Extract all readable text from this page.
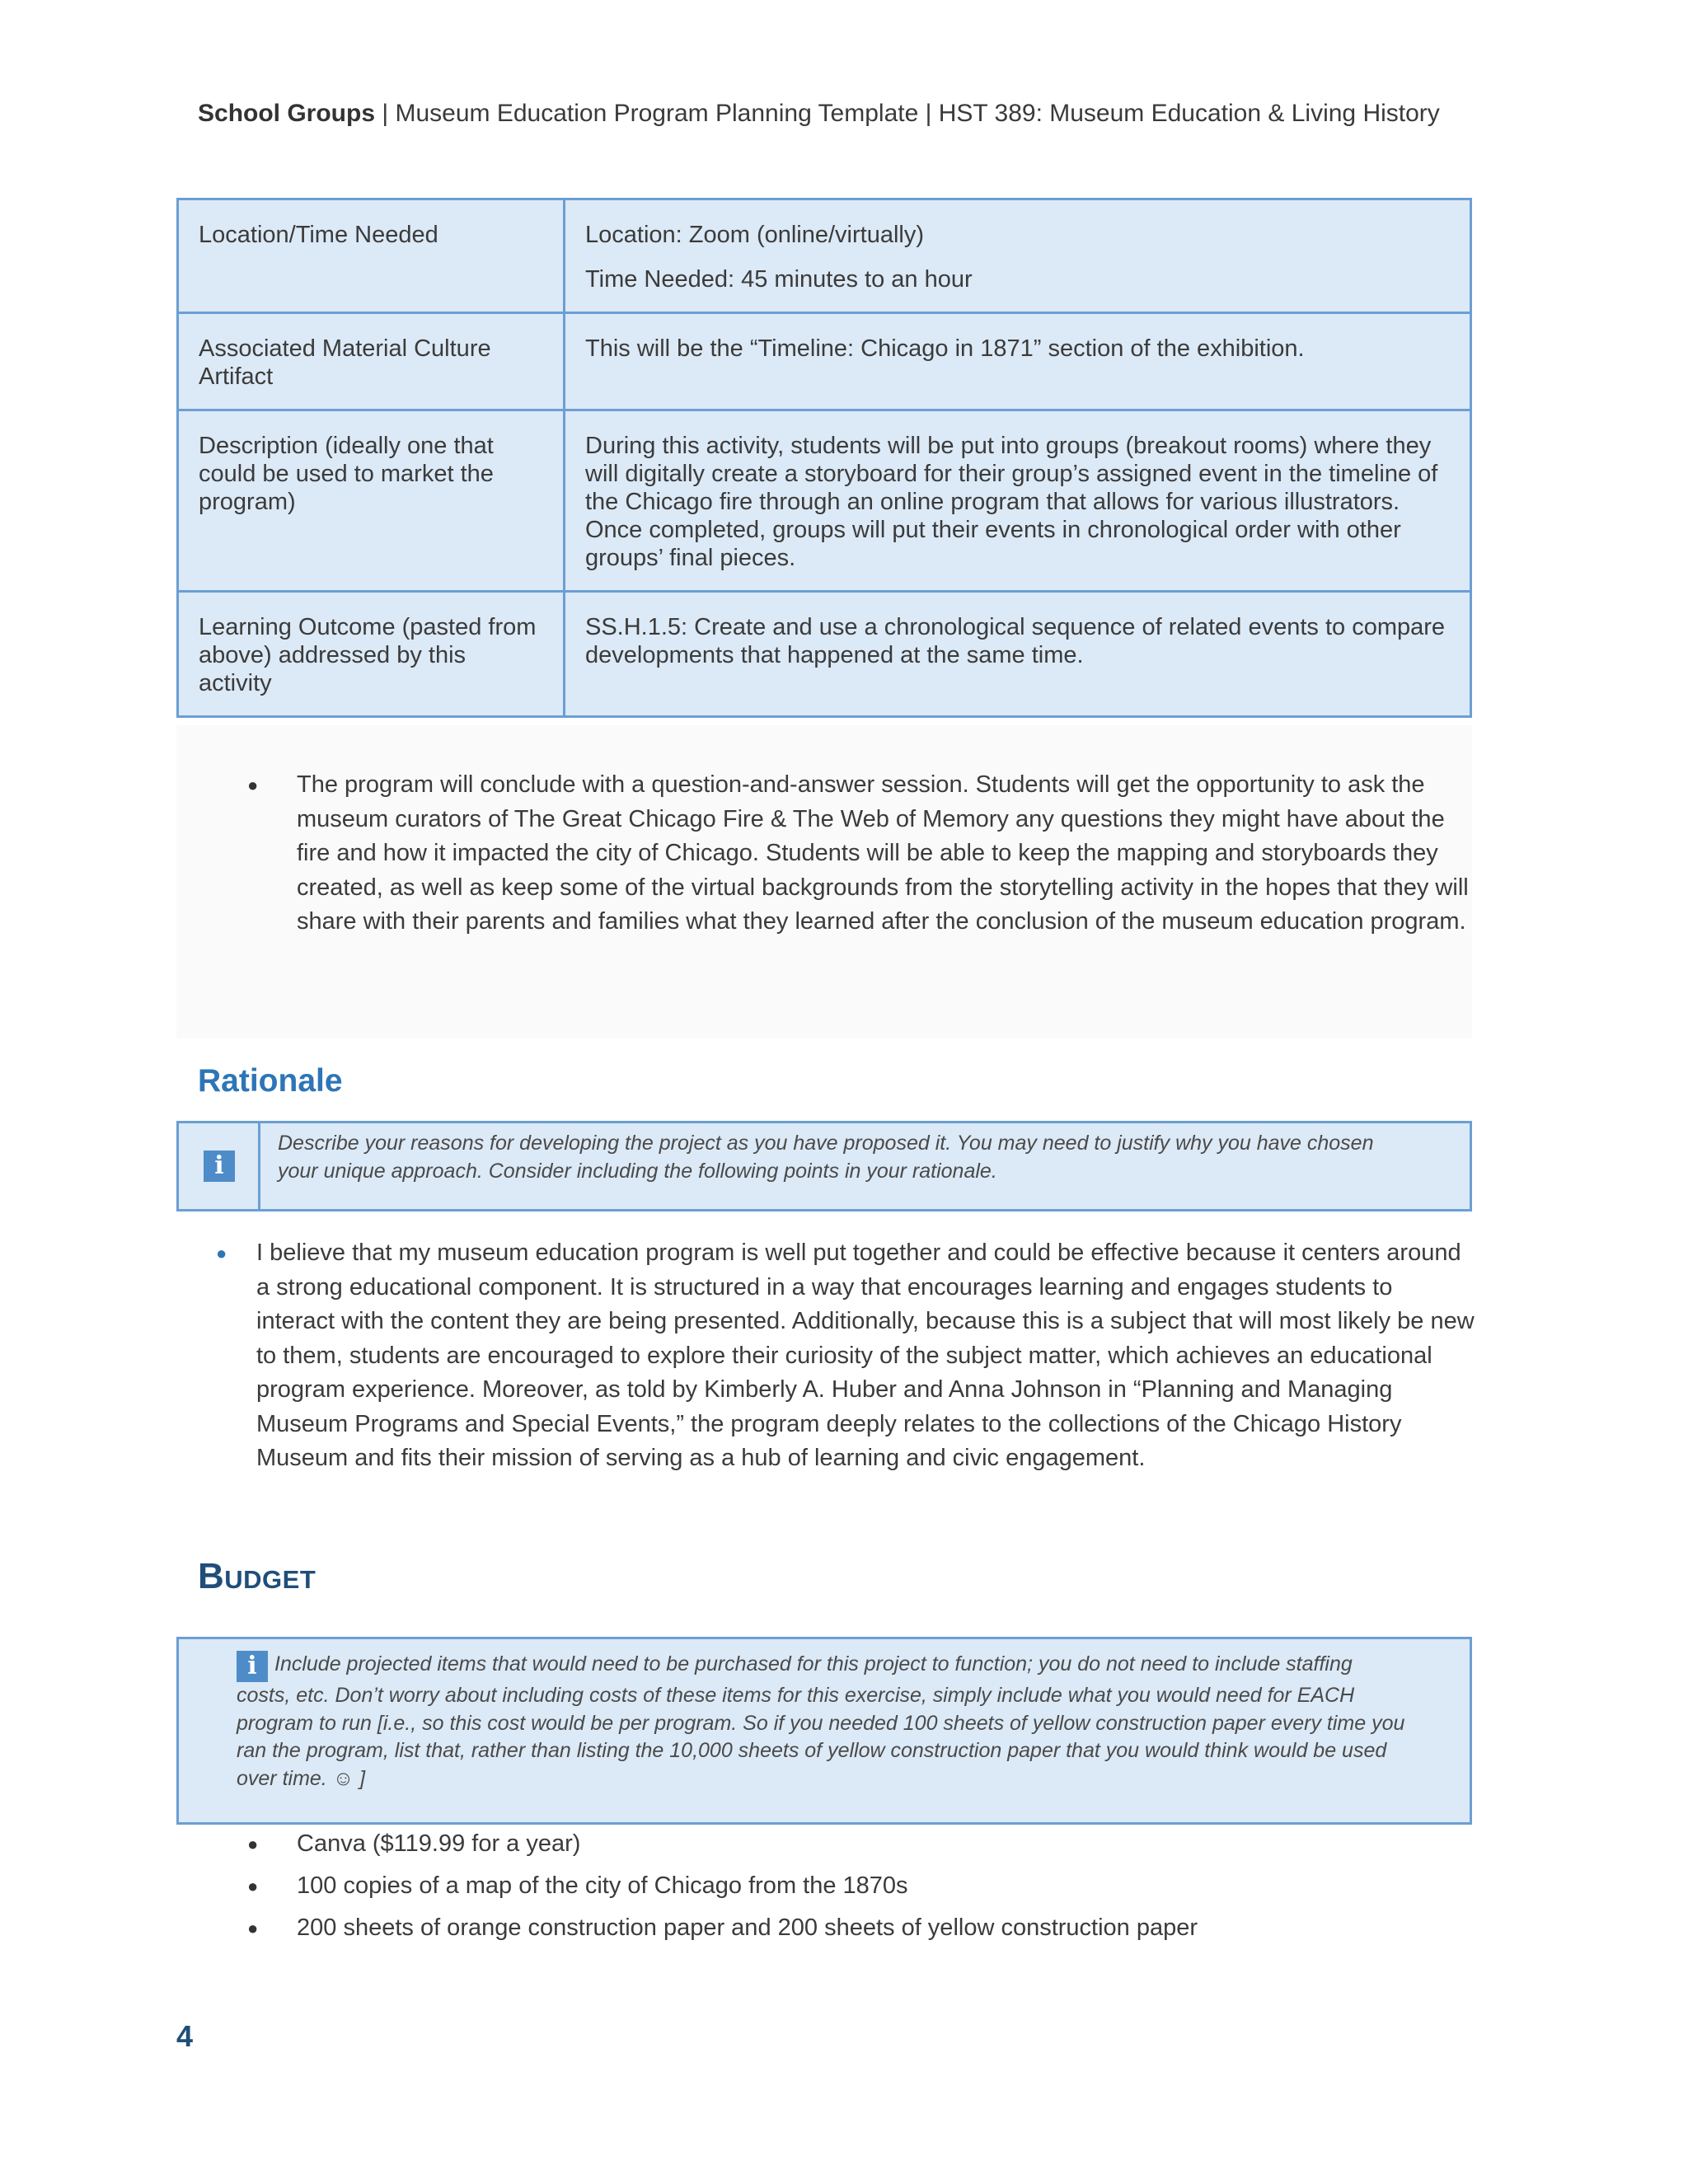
School Groups | Museum Education Program Planning Template | HST 389: Museum Education & Living History

Location/Time Needed	Location: Zoom (online/virtually)

Time Needed: 45 minutes to an hour

Associated Material Culture Artifact	This will be the “Timeline: Chicago in 1871” section of the exhibition.

Description (ideally one that could be used to market the program)	During this activity, students will be put into groups (breakout rooms) where they will digitally create a storyboard for their group’s assigned event in the timeline of the Chicago fire through an online program that allows for various illustrators. Once completed, groups will put their events in chronological order with other groups’ final pieces.

Learning Outcome (pasted from above) addressed by this activity	SS.H.1.5: Create and use a chronological sequence of related events to compare developments that happened at the same time.

● The program will conclude with a question-and-answer session. Students will get the opportunity to ask the museum curators of The Great Chicago Fire & The Web of Memory any questions they might have about the fire and how it impacted the city of Chicago. Students will be able to keep the mapping and storyboards they created, as well as keep some of the virtual backgrounds from the storytelling activity in the hopes that they will share with their parents and families what they learned after the conclusion of the museum education program.
Rationale
i
Describe your reasons for developing the project as you have proposed it. You may need to justify why you have chosen your unique approach. Consider including the following points in your rationale.
● I believe that my museum education program is well put together and could be effective because it centers around a strong educational component. It is structured in a way that encourages learning and engages students to interact with the content they are being presented. Additionally, because this is a subject that will most likely be new to them, students are encouraged to explore their curiosity of the subject matter, which achieves an educational program experience. Moreover, as told by Kimberly A. Huber and Anna Johnson in “Planning and Managing Museum Programs and Special Events,” the program deeply relates to the collections of the Chicago History Museum and fits their mission of serving as a hub of learning and civic engagement.
Budget
i Include projected items that would need to be purchased for this project to function; you do not need to include staffing costs, etc. Don’t worry about including costs of these items for this exercise, simply include what you would need for EACH program to run [i.e., so this cost would be per program. So if you needed 100 sheets of yellow construction paper every time you ran the program, list that, rather than listing the 10,000 sheets of yellow construction paper that you would think would be used over time. ☺ ]
● Canva ($119.99 for a year)
● 100 copies of a map of the city of Chicago from the 1870s
● 200 sheets of orange construction paper and 200 sheets of yellow construction paper
4
